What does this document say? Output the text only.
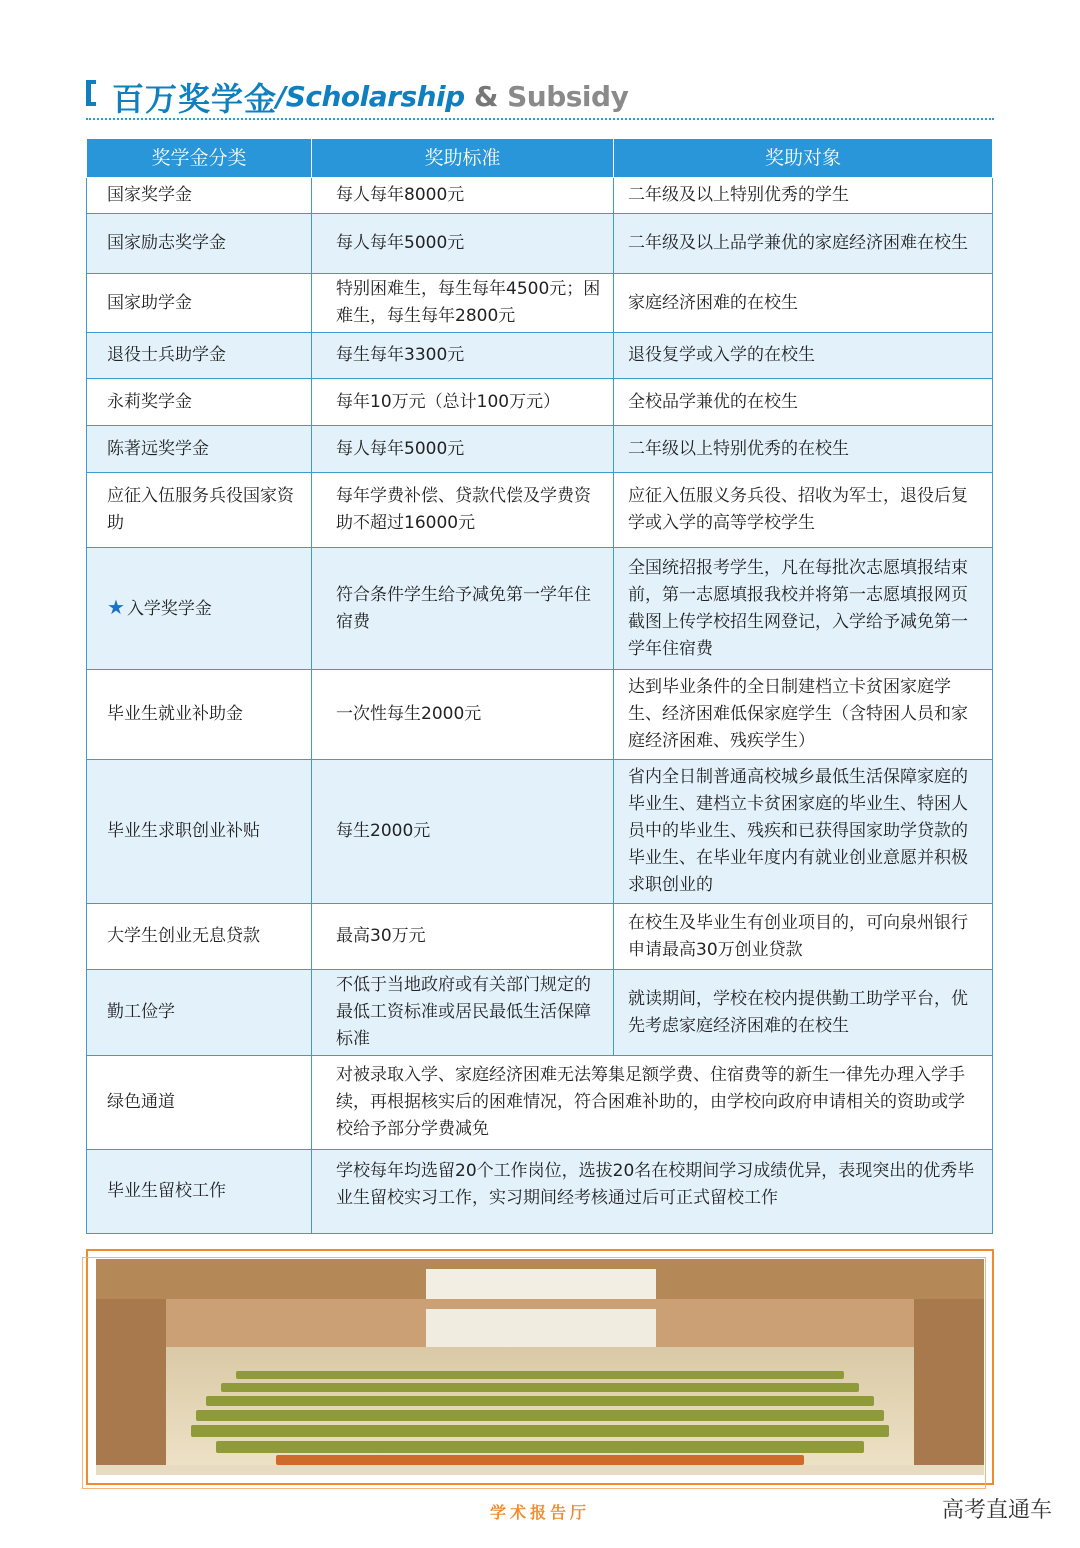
百万奖学金
/Scholarship & Subsidy
奖学金分类	奖助标准	奖助对象
国家奖学金	每人每年8000元	二年级及以上特别优秀的学生
国家励志奖学金	每人每年5000元	二年级及以上品学兼优的家庭经济困难在校生
国家助学金	特别困难生，每生每年4500元；困难生，每生每年2800元	家庭经济困难的在校生
退役士兵助学金	每生每年3300元	退役复学或入学的在校生
永莉奖学金	每年10万元（总计100万元）	全校品学兼优的在校生
陈著远奖学金	每人每年5000元	二年级以上特别优秀的在校生
应征入伍服务兵役国家资助	每年学费补偿、贷款代偿及学费资助不超过16000元	应征入伍服义务兵役、招收为军士，退役后复学或入学的高等学校学生
★ 入学奖学金	符合条件学生给予减免第一学年住宿费	全国统招报考学生，凡在每批次志愿填报结束前，第一志愿填报我校并将第一志愿填报网页截图上传学校招生网登记，入学给予减免第一学年住宿费
毕业生就业补助金	一次性每生2000元	达到毕业条件的全日制建档立卡贫困家庭学生、经济困难低保家庭学生（含特困人员和家庭经济困难、残疾学生）
毕业生求职创业补贴	每生2000元	省内全日制普通高校城乡最低生活保障家庭的毕业生、建档立卡贫困家庭的毕业生、特困人员中的毕业生、残疾和已获得国家助学贷款的毕业生、在毕业年度内有就业创业意愿并积极求职创业的
大学生创业无息贷款	最高30万元	在校生及毕业生有创业项目的，可向泉州银行申请最高30万创业贷款
勤工俭学	不低于当地政府或有关部门规定的最低工资标准或居民最低生活保障标准	就读期间，学校在校内提供勤工助学平台，优先考虑家庭经济困难的在校生
绿色通道	对被录取入学、家庭经济困难无法筹集足额学费、住宿费等的新生一律先办理入学手续，再根据核实后的困难情况，符合困难补助的，由学校向政府申请相关的资助或学校给予部分学费减免	
毕业生留校工作	学校每年均选留20个工作岗位，选拔20名在校期间学习成绩优异，表现突出的优秀毕业生留校实习工作，实习期间经考核通过后可正式留校工作	
学术报告厅	高考直通车
